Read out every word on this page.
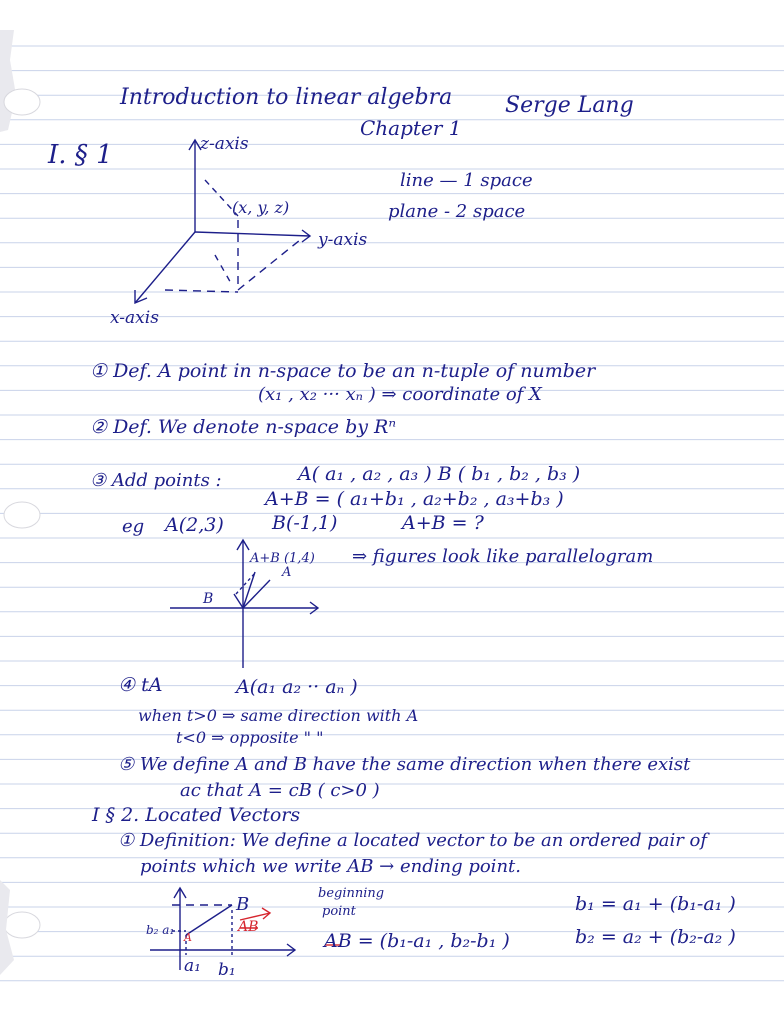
Introduction to linear algebra Serge Lang
Chapter 1
I. § 1	z-axis
(x, y, z)
y-axis
x-axis
line — 1 space
plane - 2 space
① Def. A point in n-space to be an n-tuple of number
(x₁ , x₂ ··· xₙ ) ⇒ coordinate of X
② Def. We denote n-space by Rⁿ
③ Add points :	A( a₁ , a₂ , a₃ ) B ( b₁ , b₂ , b₃ )
A+B = ( a₁+b₁ , a₂+b₂ , a₃+b₃ )
eg A(2,3)	B(-1,1)	A+B = ?
A+B (1,4)
A
B
⇒ figures look like parallelogram
④ tA	A(a₁ a₂ ·· aₙ )
when t>0 ⇒ same direction with A
t<0 ⇒ opposite " "
⑤ We define A and B have the same direction when there exist
ac that A = cB ( c>0 )
I § 2. Located Vectors
① Definition: We define a located vector to be an ordered pair of
points which we write AB → ending point.
B
AB
beginning
point
b₂ a₁
A
a₁ b₁
AB = (b₁-a₁ , b₂-b₁ )
b₁ = a₁ + (b₁-a₁ )
b₂ = a₂ + (b₂-a₂ )
